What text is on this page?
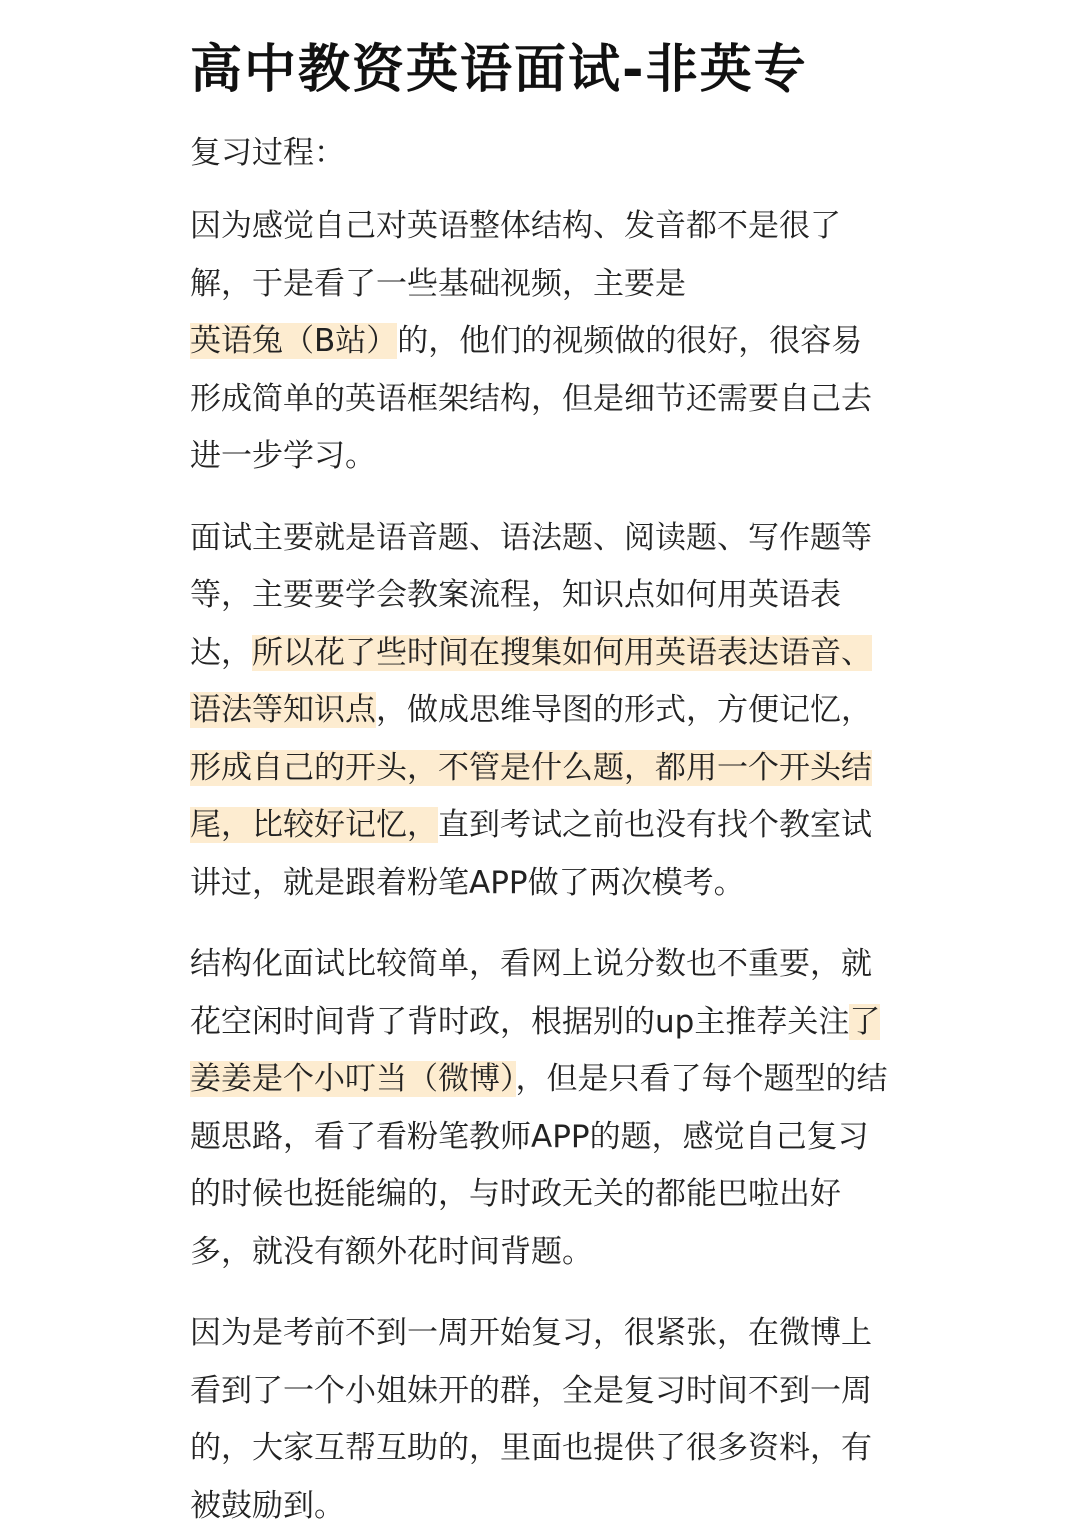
高中教资英语面试-非英专

复习过程：

因为感觉自己对英语整体结构、发音都不是很了解，于是看了一些基础视频，主要是英语兔（B站）的，他们的视频做的很好，很容易形成简单的英语框架结构，但是细节还需要自己去进一步学习。

面试主要就是语音题、语法题、阅读题、写作题等等，主要要学会教案流程，知识点如何用英语表达，所以花了些时间在搜集如何用英语表达语音、语法等知识点，做成思维导图的形式，方便记忆，形成自己的开头，不管是什么题，都用一个开头结尾，比较好记忆，直到考试之前也没有找个教室试讲过，就是跟着粉笔APP做了两次模考。

结构化面试比较简单，看网上说分数也不重要，就花空闲时间背了背时政，根据别的up主推荐关注了姜姜是个小叮当（微博），但是只看了每个题型的结题思路，看了看粉笔教师APP的题，感觉自己复习的时候也挺能编的，与时政无关的都能巴啦出好多，就没有额外花时间背题。

因为是考前不到一周开始复习，很紧张，在微博上看到了一个小姐妹开的群，全是复习时间不到一周的，大家互帮互助的，里面也提供了很多资料，有被鼓励到。
